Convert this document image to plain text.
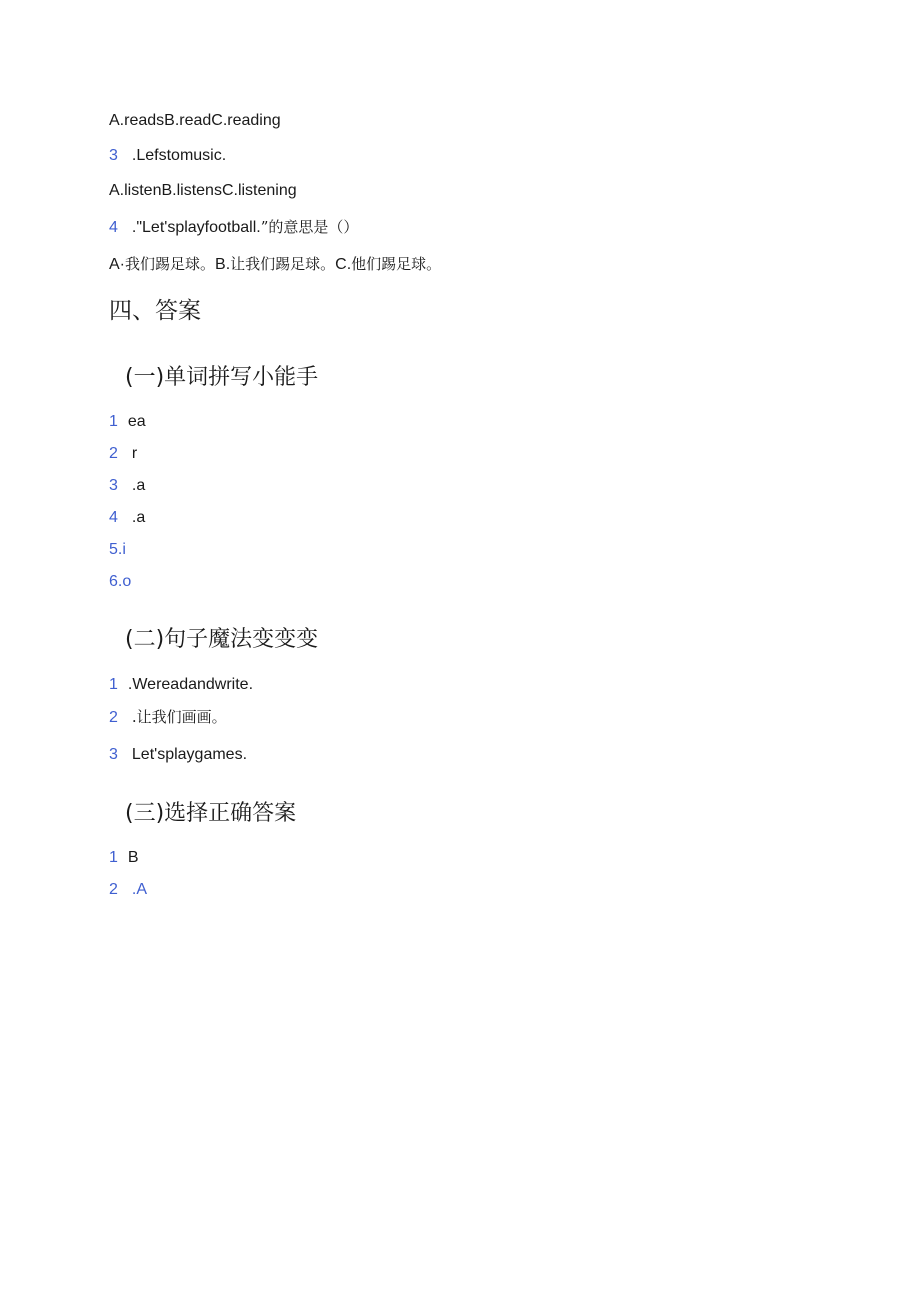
A.readsB.readC.reading
3 .Lefstomusic.
A.listenB.listensC.listening
4 ."Let'splayfootball.”的意思是（）
A·我们踢足球。B.让我们踢足球。C.他们踢足球。
四、答案
(一)单词拼写小能手
1 ea
2 r
3 .a
4 .a
5.i
6.o
(二)句子魔法变变变
1 .Wereadandwrite.
2 .让我们画画。
3 Let'splaygames.
(三)选择正确答案
1 B
2 .A
